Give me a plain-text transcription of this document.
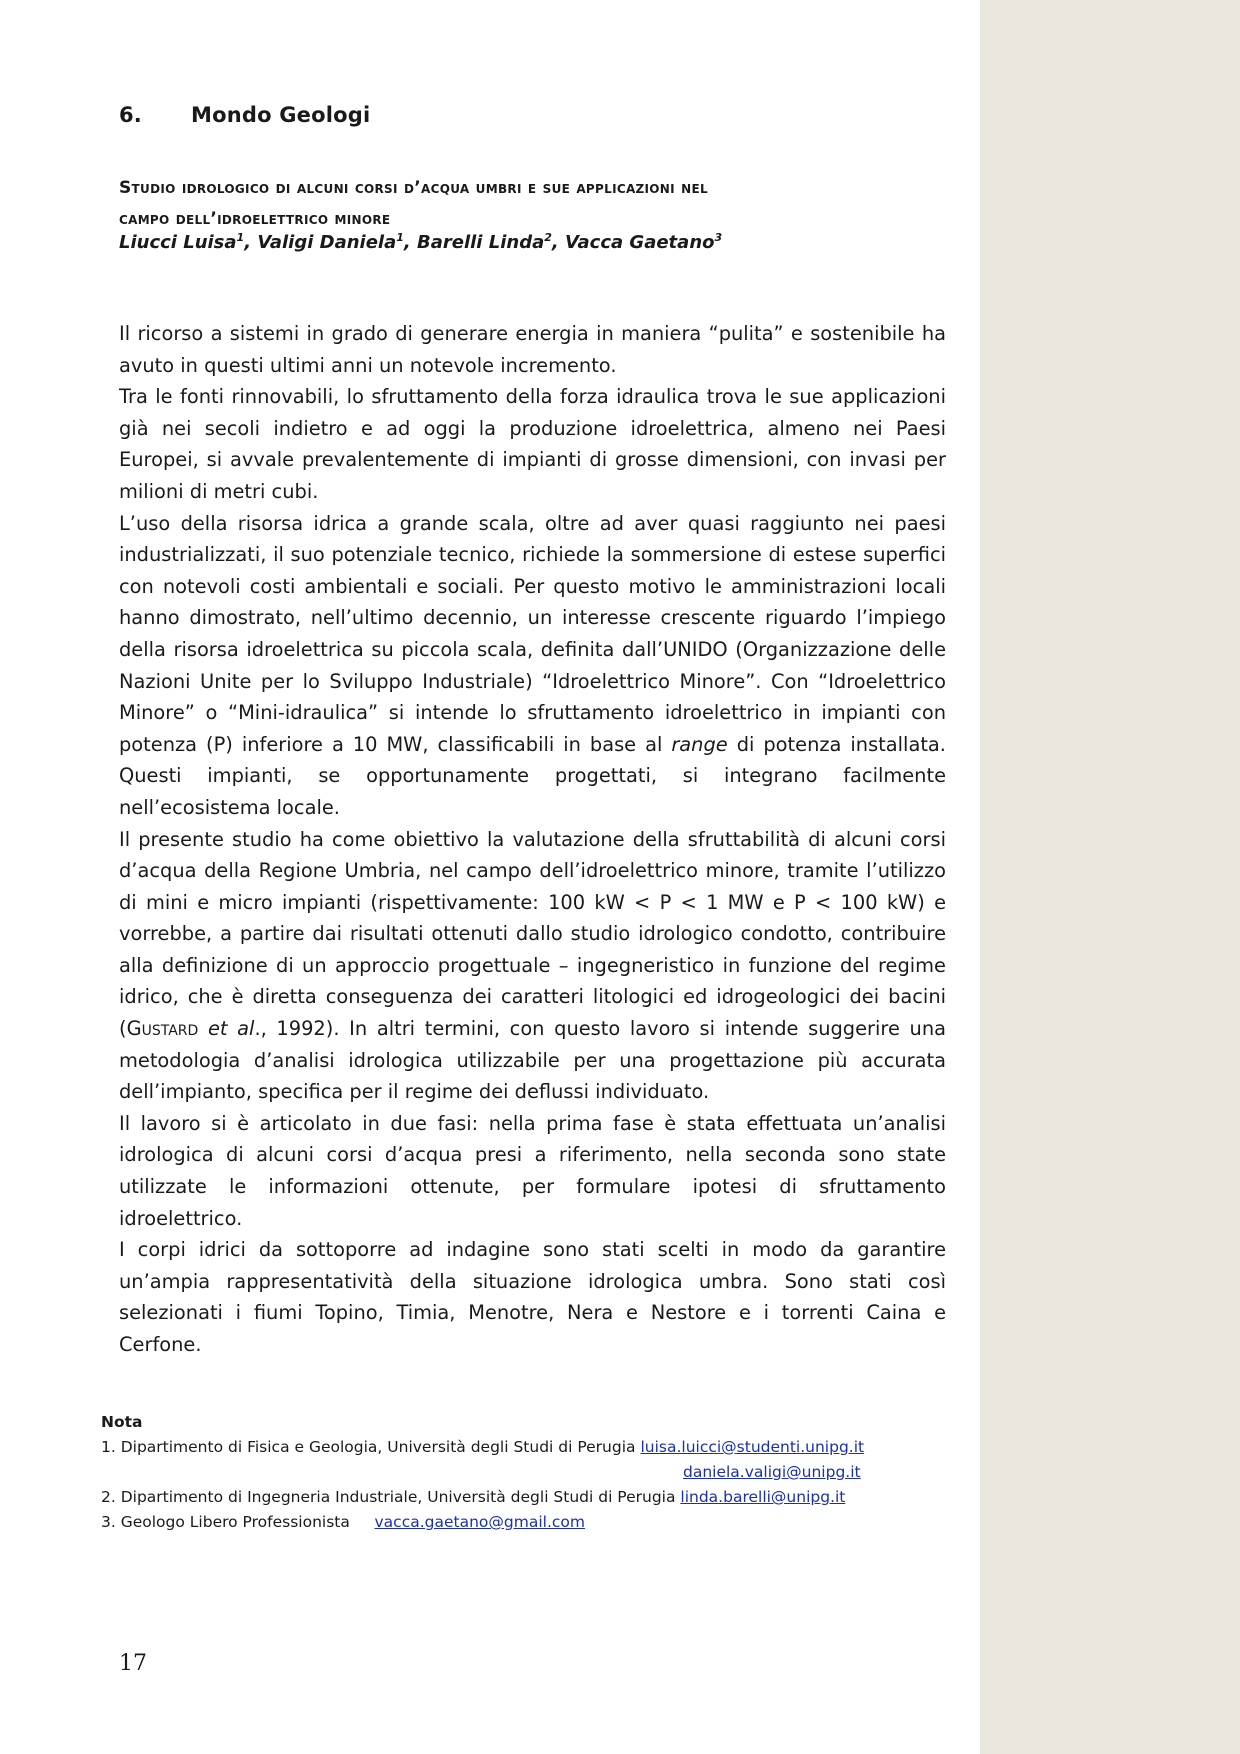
6. Mondo Geologi
Studio idrologico di alcuni corsi d’acqua umbri e sue applicazioni nel
campo dell’idroelettrico minore
Liucci Luisa$^1$, Valigi Daniela$^1$, Barelli Linda$^2$, Vacca Gaetano$^3$

Il ricorso a sistemi in grado di generare energia in maniera “pulita” e sostenibile ha avuto in questi ultimi anni un notevole incremento.

Tra le fonti rinnovabili, lo sfruttamento della forza idraulica trova le sue applicazioni già nei secoli indietro e ad oggi la produzione idroelettrica, almeno nei Paesi Europei, si avvale prevalentemente di impianti di grosse dimensioni, con invasi per milioni di metri cubi.

L’uso della risorsa idrica a grande scala, oltre ad aver quasi raggiunto nei paesi industrializzati, il suo potenziale tecnico, richiede la sommersione di estese superfici con notevoli costi ambientali e sociali. Per questo motivo le amministrazioni locali hanno dimostrato, nell’ultimo decennio, un interesse crescente riguardo l’impiego della risorsa idroelettrica su piccola scala, definita dall’UNIDO (Organizzazione delle Nazioni Unite per lo Sviluppo Industriale) “Idroelettrico Minore”. Con “Idroelettrico Minore” o “Mini-idraulica” si intende lo sfruttamento idroelettrico in impianti con potenza (P) inferiore a 10 MW, classificabili in base al range di potenza installata. Questi impianti, se opportunamente progettati, si integrano facilmente nell’ecosistema locale.

Il presente studio ha come obiettivo la valutazione della sfruttabilità di alcuni corsi d’acqua della Regione Umbria, nel campo dell’idroelettrico minore, tramite l’utilizzo di mini e micro impianti (rispettivamente: 100 kW < P < 1 MW e P < 100 kW) e vorrebbe, a partire dai risultati ottenuti dallo studio idrologico condotto, contribuire alla definizione di un approccio progettuale – ingegneristico in funzione del regime idrico, che è diretta conseguenza dei caratteri litologici ed idrogeologici dei bacini (Gustard et al., 1992). In altri termini, con questo lavoro si intende suggerire una metodologia d’analisi idrologica utilizzabile per una progettazione più accurata dell’impianto, specifica per il regime dei deflussi individuato.

Il lavoro si è articolato in due fasi: nella prima fase è stata effettuata un’analisi idrologica di alcuni corsi d’acqua presi a riferimento, nella seconda sono state utilizzate le informazioni ottenute, per formulare ipotesi di sfruttamento idroelettrico.

I corpi idrici da sottoporre ad indagine sono stati scelti in modo da garantire un’ampia rappresentatività della situazione idrologica umbra. Sono stati così selezionati i fiumi Topino, Timia, Menotre, Nera e Nestore e i torrenti Caina e Cerfone.

Nota
1. Dipartimento di Fisica e Geologia, Università degli Studi di Perugia luisa.luicci@studenti.unipg.it
daniela.valigi@unipg.it
2. Dipartimento di Ingegneria Industriale, Università degli Studi di Perugia linda.barelli@unipg.it
3. Geologo Libero Professionista vacca.gaetano@gmail.com
17
